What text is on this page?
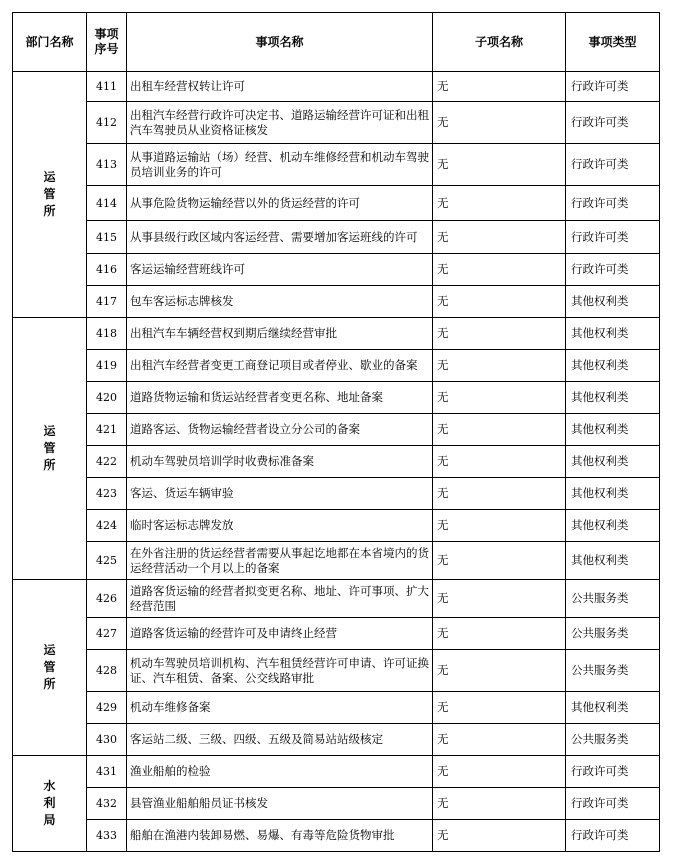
部门名称	事项序号	事项名称	子项名称	事项类型
运管所	411	出租车经营权转让许可	无	行政许可类
	412	出租汽车经营行政许可决定书、道路运输经营许可证和出租汽车驾驶员从业资格证核发	无	行政许可类
	413	从事道路运输站（场）经营、机动车维修经营和机动车驾驶员培训业务的许可	无	行政许可类
	414	从事危险货物运输经营以外的货运经营的许可	无	行政许可类
	415	从事县级行政区域内客运经营、需要增加客运班线的许可	无	行政许可类
	416	客运运输经营班线许可	无	行政许可类
	417	包车客运标志牌核发	无	其他权利类
运管所	418	出租汽车车辆经营权到期后继续经营审批	无	其他权利类
	419	出租汽车经营者变更工商登记项目或者停业、歇业的备案	无	其他权利类
	420	道路货物运输和货运站经营者变更名称、地址备案	无	其他权利类
	421	道路客运、货物运输经营者设立分公司的备案	无	其他权利类
	422	机动车驾驶员培训学时收费标准备案	无	其他权利类
	423	客运、货运车辆审验	无	其他权利类
	424	临时客运标志牌发放	无	其他权利类
	425	在外省注册的货运经营者需要从事起讫地都在本省境内的货运经营活动一个月以上的备案	无	其他权利类
运管所	426	道路客货运输的经营者拟变更名称、地址、许可事项、扩大经营范围	无	公共服务类
	427	道路客货运输的经营许可及申请终止经营	无	公共服务类
	428	机动车驾驶员培训机构、汽车租赁经营许可申请、许可证换证、汽车租赁、备案、公交线路审批	无	公共服务类
	429	机动车维修备案	无	其他权利类
	430	客运站二级、三级、四级、五级及简易站站级核定	无	公共服务类
水利局	431	渔业船舶的检验	无	行政许可类
	432	县管渔业船舶船员证书核发	无	行政许可类
	433	船舶在渔港内装卸易燃、易爆、有毒等危险货物审批	无	行政许可类
